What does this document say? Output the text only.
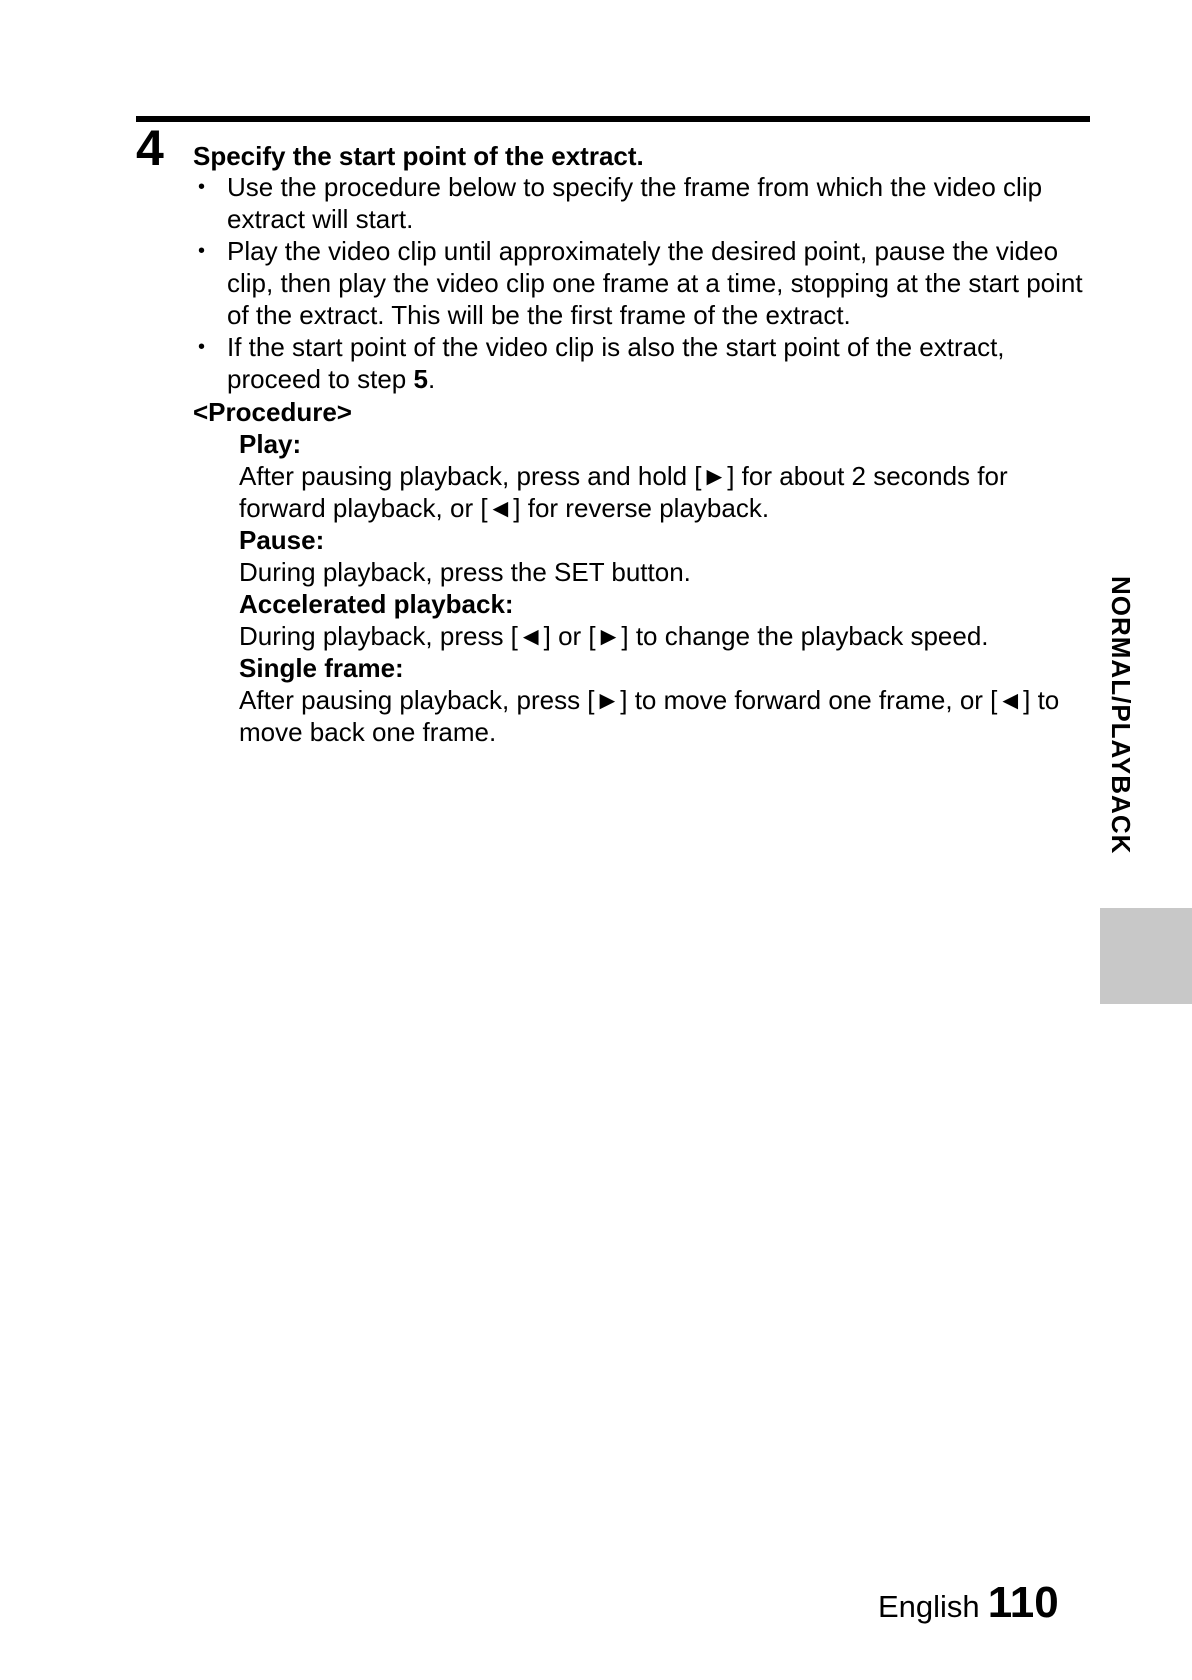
4 Specify the start point of the extract.
• Use the procedure below to specify the frame from which the video clip extract will start.
• Play the video clip until approximately the desired point, pause the video clip, then play the video clip one frame at a time, stopping at the start point of the extract. This will be the first frame of the extract.
• If the start point of the video clip is also the start point of the extract, proceed to step 5.
<Procedure>
Play:
After pausing playback, press and hold [►] for about 2 seconds for forward playback, or [◄] for reverse playback.
Pause:
During playback, press the SET button.
Accelerated playback:
During playback, press [◄] or [►] to change the playback speed.
Single frame:
After pausing playback, press [►] to move forward one frame, or [◄] to move back one frame.	NORMAL/PLAYBACK
English 110
